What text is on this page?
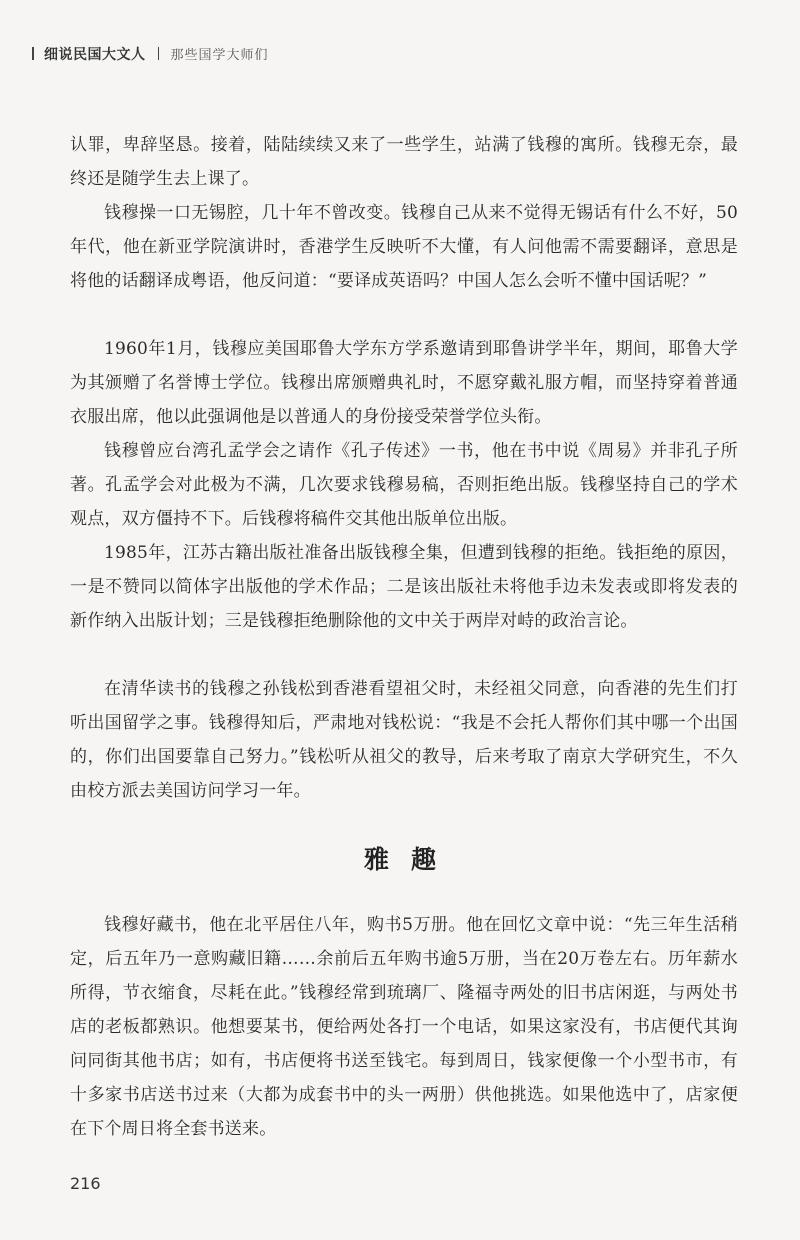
细说民国大文人 那些国学大师们

认罪，卑辞坚恳。接着，陆陆续续又来了一些学生，站满了钱穆的寓所。钱穆无奈，最终还是随学生去上课了。

钱穆操一口无锡腔，几十年不曾改变。钱穆自己从来不觉得无锡话有什么不好，50年代，他在新亚学院演讲时，香港学生反映听不大懂，有人问他需不需要翻译，意思是将他的话翻译成粤语，他反问道：“要译成英语吗？中国人怎么会听不懂中国话呢？”

1960年1月，钱穆应美国耶鲁大学东方学系邀请到耶鲁讲学半年，期间，耶鲁大学为其颁赠了名誉博士学位。钱穆出席颁赠典礼时，不愿穿戴礼服方帽，而坚持穿着普通衣服出席，他以此强调他是以普通人的身份接受荣誉学位头衔。

钱穆曾应台湾孔孟学会之请作《孔子传述》一书，他在书中说《周易》并非孔子所著。孔孟学会对此极为不满，几次要求钱穆易稿，否则拒绝出版。钱穆坚持自己的学术观点，双方僵持不下。后钱穆将稿件交其他出版单位出版。

1985年，江苏古籍出版社准备出版钱穆全集，但遭到钱穆的拒绝。钱拒绝的原因，一是不赞同以简体字出版他的学术作品；二是该出版社未将他手边未发表或即将发表的新作纳入出版计划；三是钱穆拒绝删除他的文中关于两岸对峙的政治言论。

在清华读书的钱穆之孙钱松到香港看望祖父时，未经祖父同意，向香港的先生们打听出国留学之事。钱穆得知后，严肃地对钱松说：“我是不会托人帮你们其中哪一个出国的，你们出国要靠自己努力。”钱松听从祖父的教导，后来考取了南京大学研究生，不久由校方派去美国访问学习一年。

雅趣

钱穆好藏书，他在北平居住八年，购书5万册。他在回忆文章中说：“先三年生活稍定，后五年乃一意购藏旧籍……余前后五年购书逾5万册，当在20万卷左右。历年薪水所得，节衣缩食，尽耗在此。”钱穆经常到琉璃厂、隆福寺两处的旧书店闲逛，与两处书店的老板都熟识。他想要某书，便给两处各打一个电话，如果这家没有，书店便代其询问同街其他书店；如有，书店便将书送至钱宅。每到周日，钱家便像一个小型书市，有十多家书店送书过来（大都为成套书中的头一两册）供他挑选。如果他选中了，店家便在下个周日将全套书送来。

216
